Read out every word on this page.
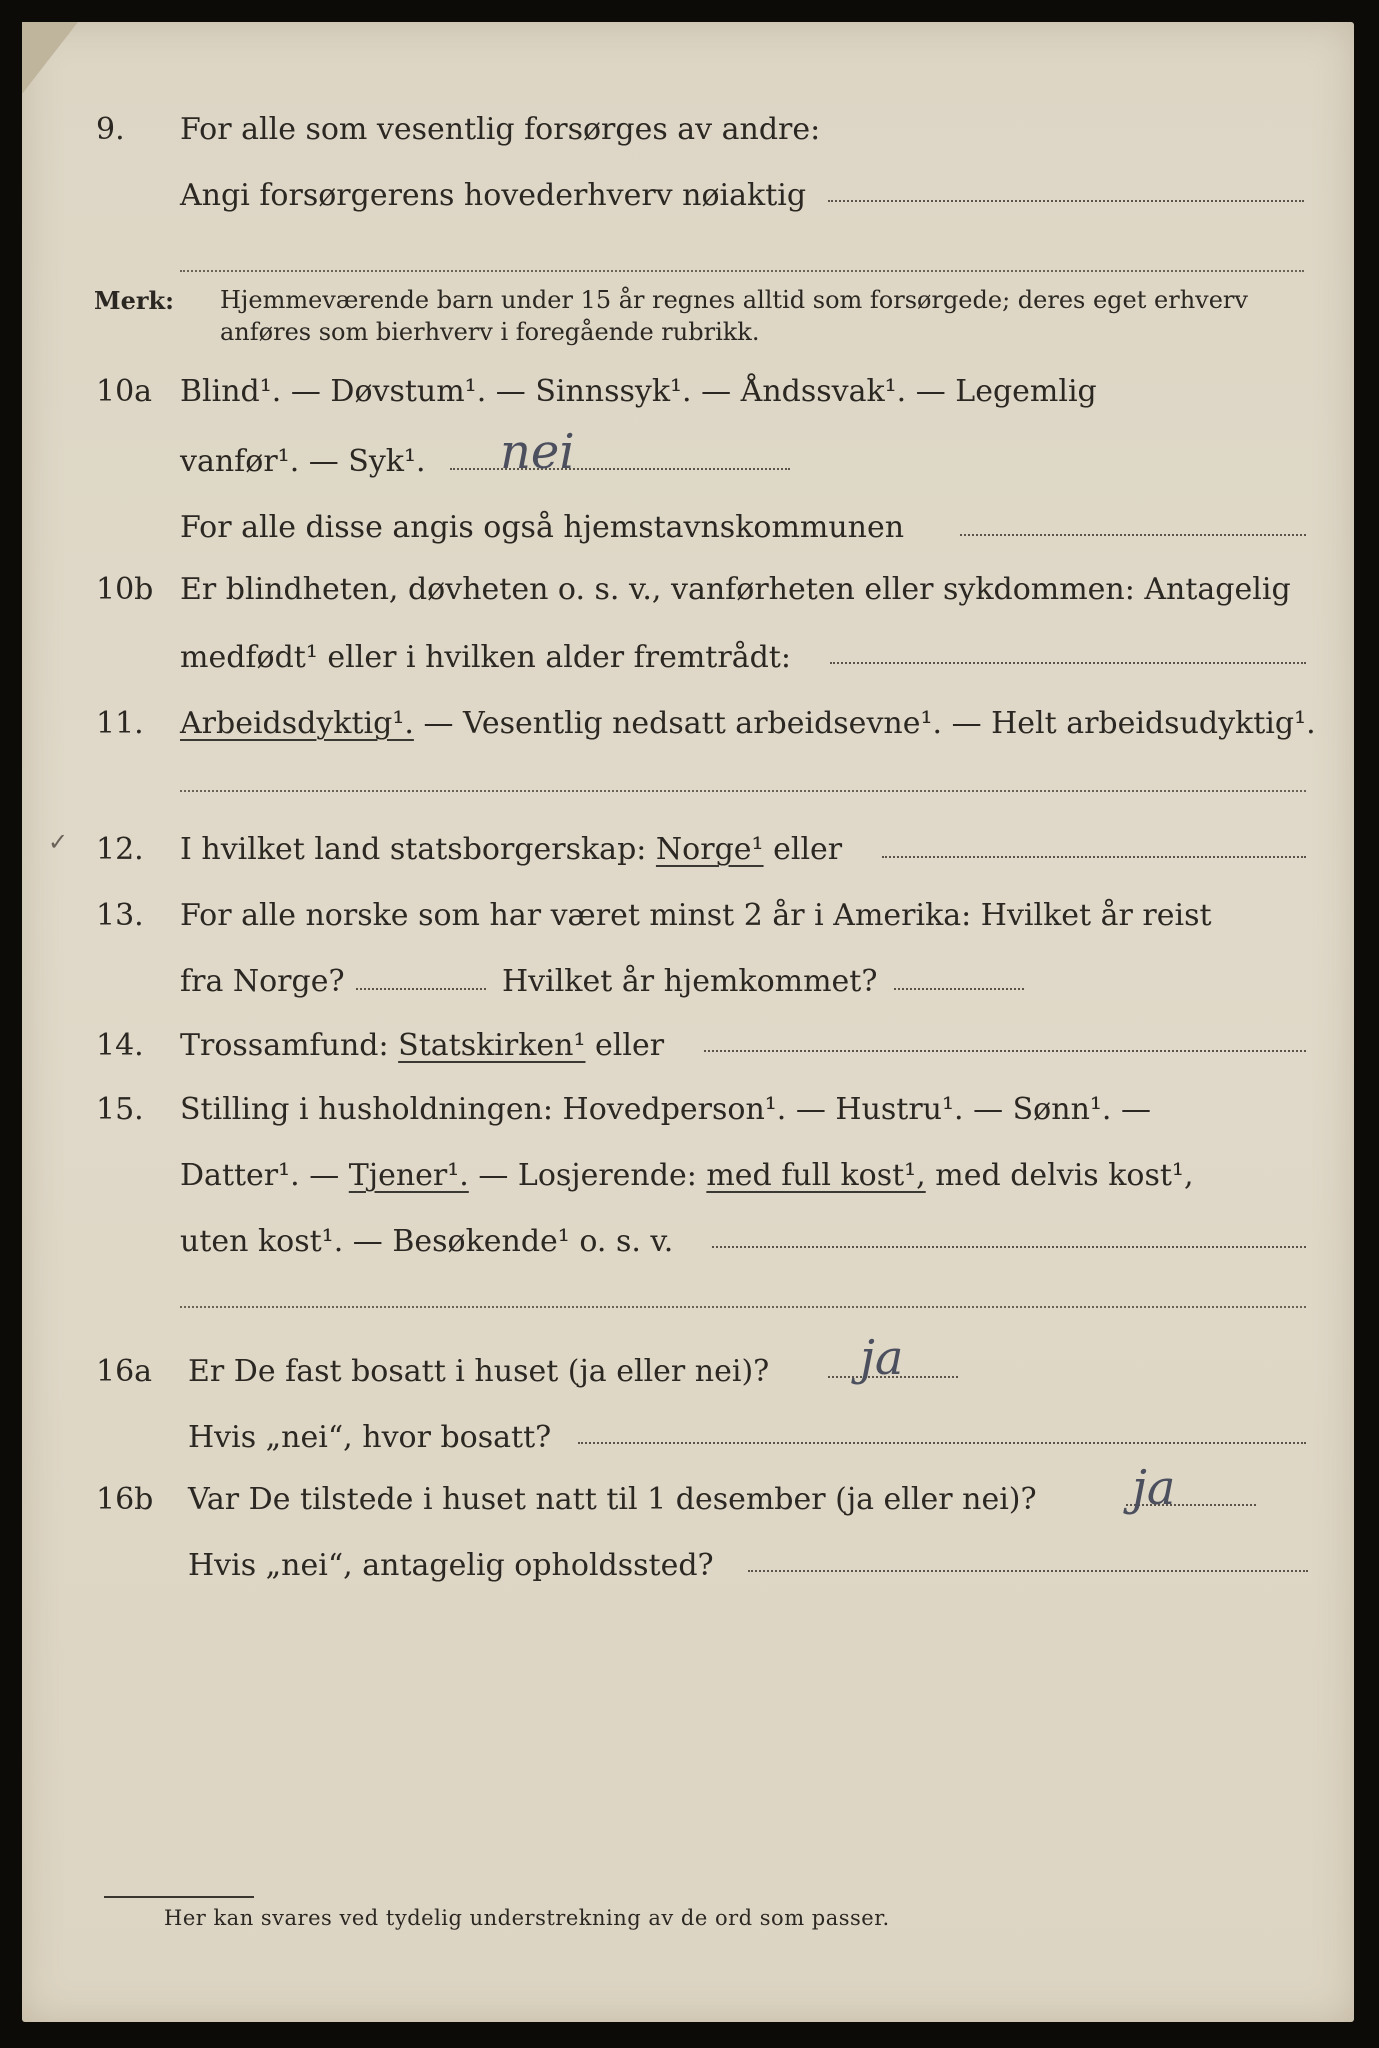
9. For alle som vesentlig forsørges av andre:
Angi forsørgerens hovederhverv nøiaktig
Merk: Hjemmeværende barn under 15 år regnes alltid som forsørgede; deres eget erhverv
anføres som bierhverv i foregående rubrikk.
10a Blind¹. — Døvstum¹. — Sinnssyk¹. — Åndssvak¹. — Legemlig
vanfør¹. — Syk¹. nei
For alle disse angis også hjemstavnskommunen
10b Er blindheten, døvheten o. s. v., vanførheten eller sykdommen: Antagelig
medfødt¹ eller i hvilken alder fremtrådt:
11. Arbeidsdyktig¹. — Vesentlig nedsatt arbeidsevne¹. — Helt arbeidsudyktig¹.
✓ 12. I hvilket land statsborgerskap: Norge¹ eller
13. For alle norske som har været minst 2 år i Amerika: Hvilket år reist
fra Norge?	Hvilket år hjemkommet?
14. Trossamfund: Statskirken¹ eller
15. Stilling i husholdningen: Hovedperson¹. — Hustru¹. — Sønn¹. —
Datter¹. — Tjener¹. — Losjerende: med full kost¹, med delvis kost¹,
uten kost¹. — Besøkende¹ o. s. v.
16a Er De fast bosatt i huset (ja eller nei)? ja
Hvis „nei“, hvor bosatt?
16b Var De tilstede i huset natt til 1 desember (ja eller nei)? ja
Hvis „nei“, antagelig opholdssted?
Her kan svares ved tydelig understrekning av de ord som passer.
